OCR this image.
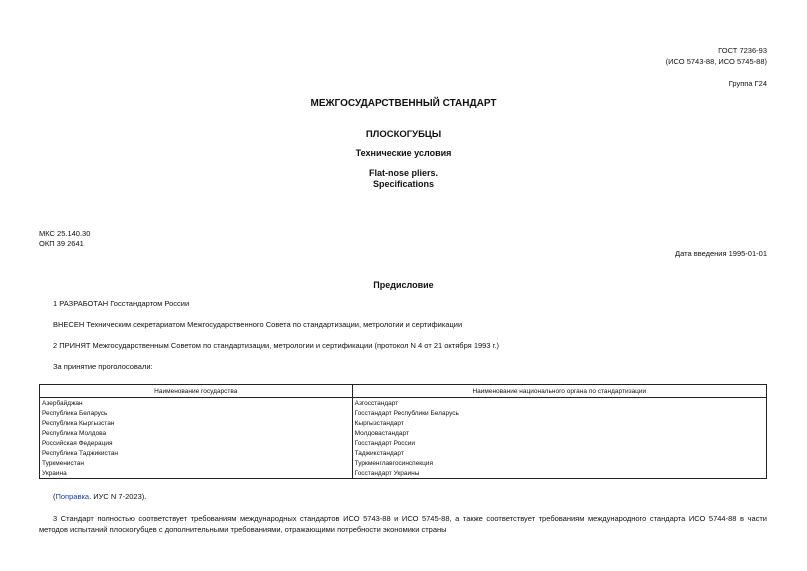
ГОСТ 7236-93

(ИСО 5743-88, ИСО 5745-88)

Группа Г24

МЕЖГОСУДАРСТВЕННЫЙ СТАНДАРТ

ПЛОСКОГУБЦЫ

Технические условия

Flat-nose pliers.

Specifications

МКС 25.140.30

ОКП 39 2641

Дата введения 1995-01-01

Предисловие

1 РАЗРАБОТАН Госстандартом России

ВНЕСЕН Техническим секретариатом Межгосударственного Совета по стандартизации, метрологии и сертификации

2 ПРИНЯТ Межгосударственным Советом по стандартизации, метрологии и сертификации (протокол N 4 от 21 октября 1993 г.)

За принятие проголосовали:

Наименование государства	Наименование национального органа по стандартизации
Азербайджан	Азгосстандарт
Республика Беларусь	Госстандарт Республики Беларусь
Республика Кыргызстан	Кыргызстандарт
Республика Молдова	Молдовастандарт
Российская Федерация	Госстандарт России
Республика Таджикистан	Таджикстандарт
Туркменистан	Туркменглавгосинспекция
Украина	Госстандарт Украины

(Поправка. ИУС N 7-2023).

3 Стандарт полностью соответствует требованиям международных стандартов ИСО 5743-88 и ИСО 5745-88, а также соответствует требованиям международного стандарта ИСО 5744-88 в части методов испытаний плоскогубцев с дополнительными требованиями, отражающими потребности экономики страны
